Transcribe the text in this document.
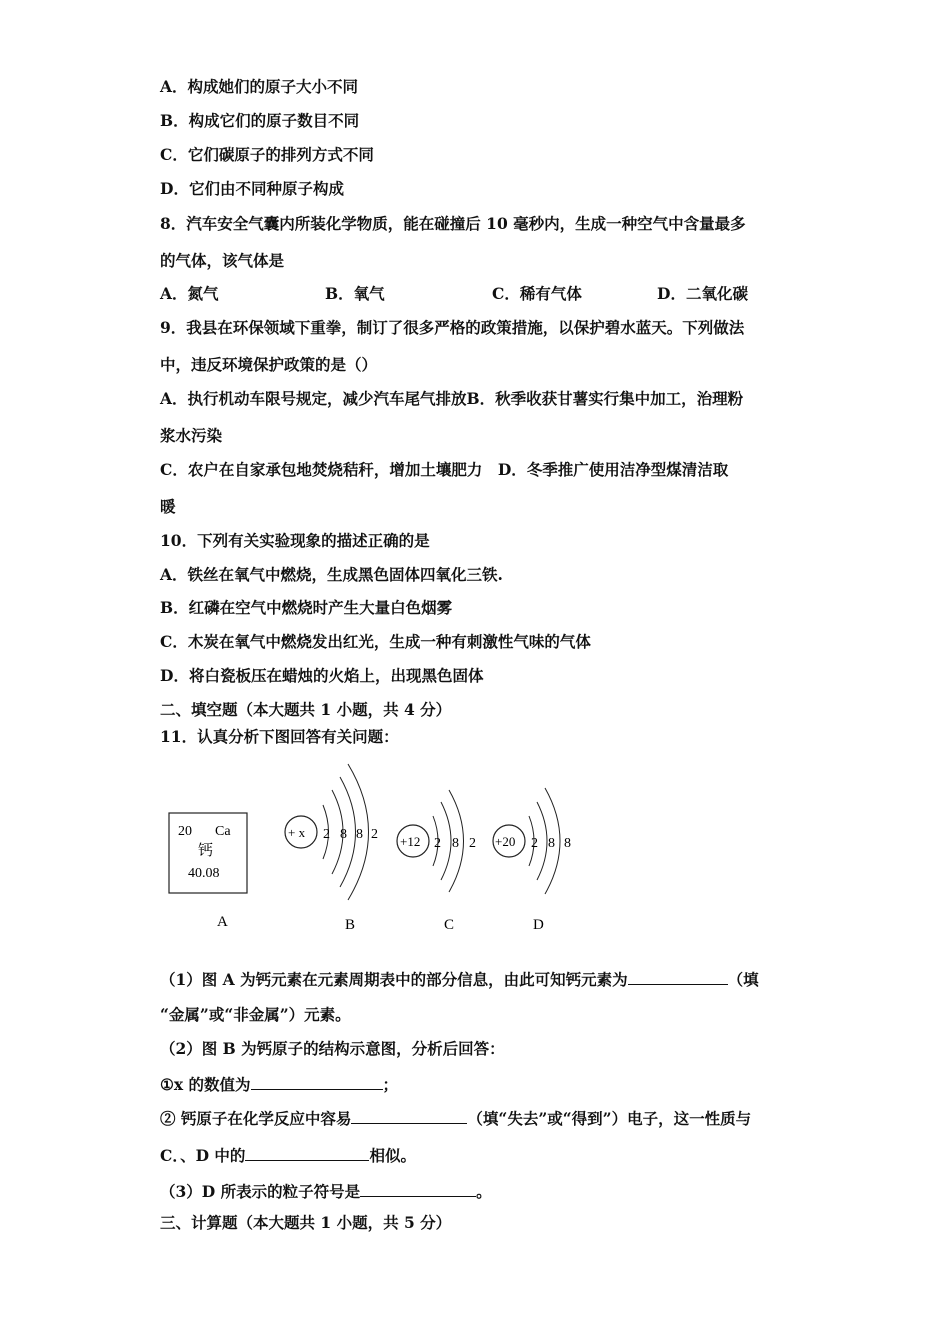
A．构成她们的原子大小不同
B．构成它们的原子数目不同
C．它们碳原子的排列方式不同
D．它们由不同种原子构成
8．汽车安全气囊内所装化学物质，能在碰撞后 10 毫秒内，生成一种空气中含量最多
的气体，该气体是
A．氮气	B．氧气	C．稀有气体	D．二氧化碳
9．我县在环保领域下重拳，制订了很多严格的政策措施，以保护碧水蓝天。下列做法
中，违反环境保护政策的是（）
A．执行机动车限号规定，减少汽车尾气排放B．秋季收获甘薯实行集中加工，治理粉
浆水污染
C．农户在自家承包地焚烧秸秆，增加土壤肥力　D．冬季推广使用洁净型煤清洁取
暖
10．下列有关实验现象的描述正确的是
A．铁丝在氧气中燃烧，生成黑色固体四氧化三铁.
B．红磷在空气中燃烧时产生大量白色烟雾
C．木炭在氧气中燃烧发出红光，生成一种有刺激性气味的气体
D．将白瓷板压在蜡烛的火焰上，出现黑色固体
二、填空题（本大题共 1 小题，共 4 分）
11．认真分析下图回答有关问题：
20 Ca
钙
40.08
A
+ x 2 8 8 2
B
+12 2 8 2
C
+20 2 8 8
D
（1）图 A 为钙元素在元素周期表中的部分信息，由此可知钙元素为	（填
“金属”或“非金属”）元素。
（2）图 B 为钙原子的结构示意图，分析后回答：
①x 的数值为	；
② 钙原子在化学反应中容易	（填“失去”或“得到”）电子，这一性质与
C．、D 中的	相似。
（3）D 所表示的粒子符号是	。
三、计算题（本大题共 1 小题，共 5 分）
